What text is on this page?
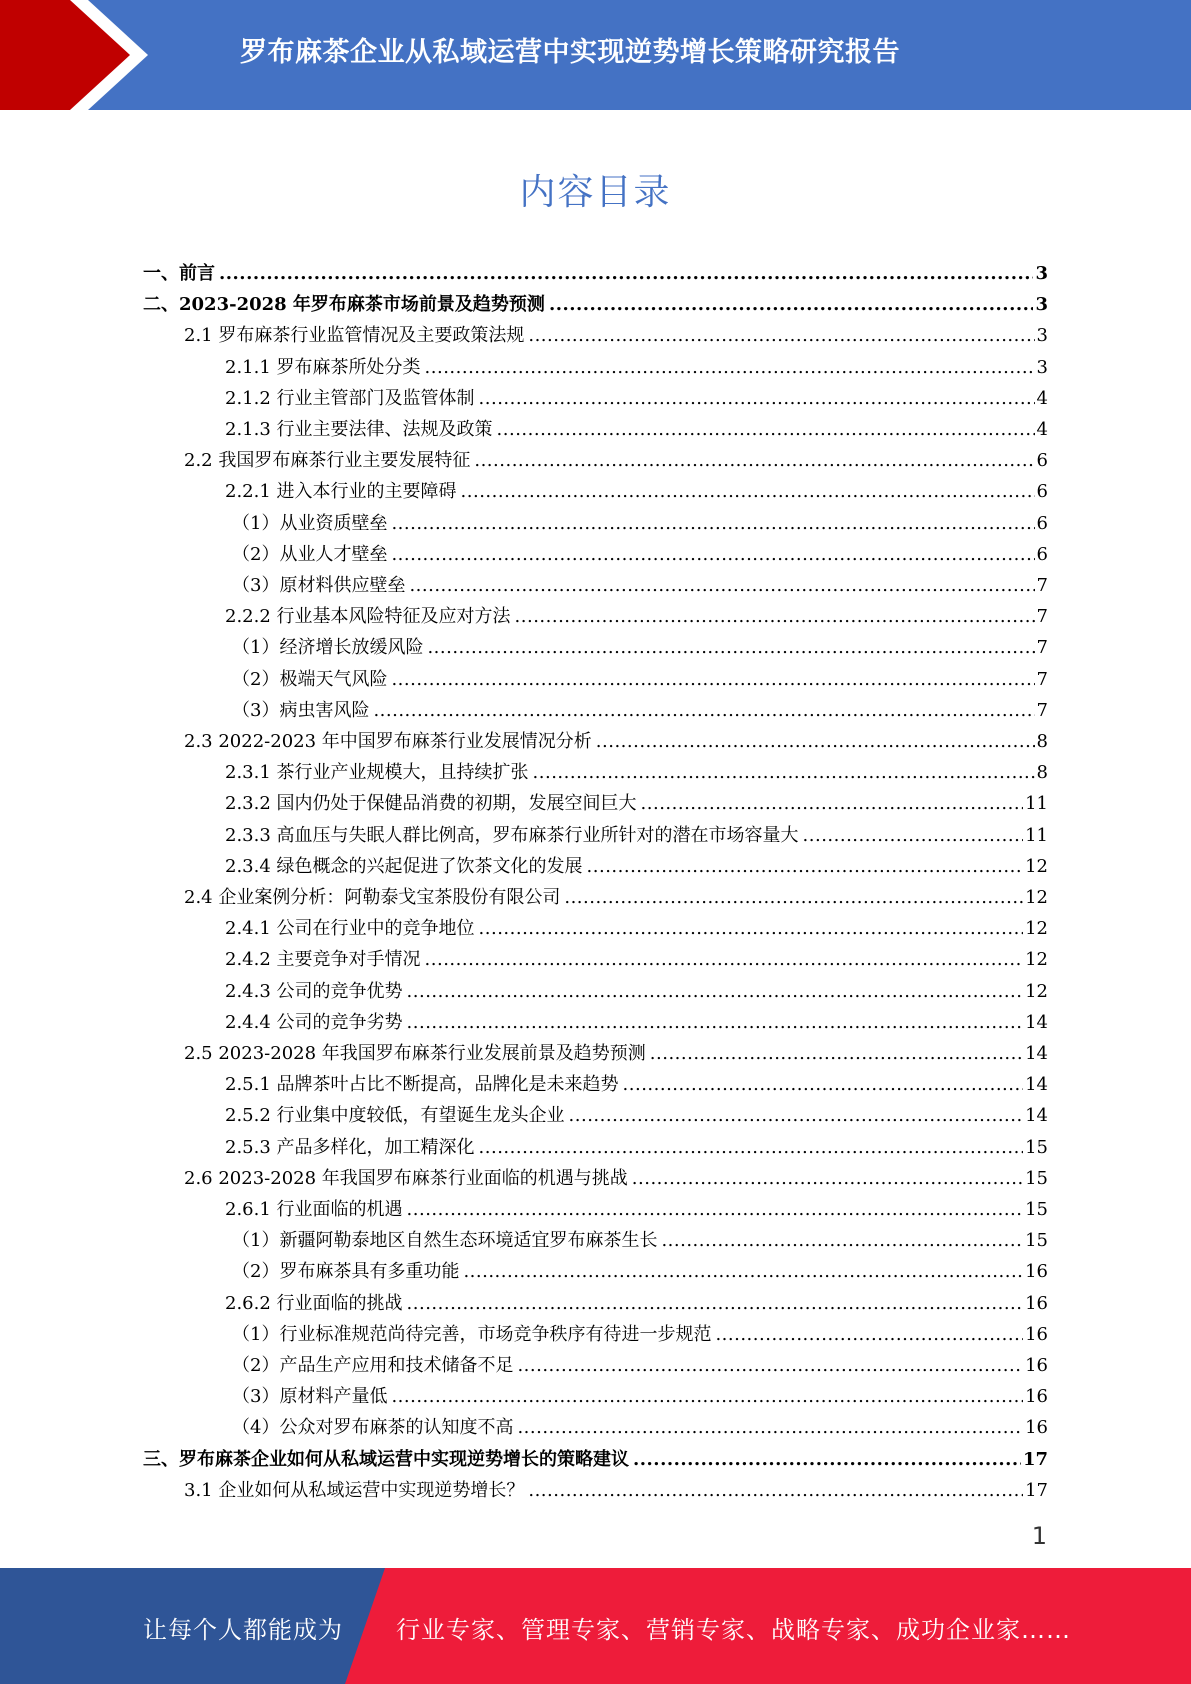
罗布麻茶企业从私域运营中实现逆势增长策略研究报告
内容目录
一、前言 .....	3
二、2023-2028 年罗布麻茶市场前景及趋势预测 .....	3
2.1 罗布麻茶行业监管情况及主要政策法规 .....	3
2.1.1 罗布麻茶所处分类 .....	3
2.1.2 行业主管部门及监管体制 .....	4
2.1.3 行业主要法律、法规及政策 .....	4
2.2 我国罗布麻茶行业主要发展特征 .....	6
2.2.1 进入本行业的主要障碍 .....	6
（1）从业资质壁垒 .....	6
（2）从业人才壁垒 .....	6
（3）原材料供应壁垒 .....	7
2.2.2 行业基本风险特征及应对方法 .....	7
（1）经济增长放缓风险 .....	7
（2）极端天气风险 .....	7
（3）病虫害风险 .....	7
2.3 2022-2023 年中国罗布麻茶行业发展情况分析 .....	8
2.3.1 茶行业产业规模大，且持续扩张 .....	8
2.3.2 国内仍处于保健品消费的初期，发展空间巨大 .....	11
2.3.3 高血压与失眠人群比例高，罗布麻茶行业所针对的潜在市场容量大 .....	11
2.3.4 绿色概念的兴起促进了饮茶文化的发展 .....	12
2.4 企业案例分析：阿勒泰戈宝茶股份有限公司 .....	12
2.4.1 公司在行业中的竞争地位 .....	12
2.4.2 主要竞争对手情况 .....	12
2.4.3 公司的竞争优势 .....	12
2.4.4 公司的竞争劣势 .....	14
2.5 2023-2028 年我国罗布麻茶行业发展前景及趋势预测 .....	14
2.5.1 品牌茶叶占比不断提高，品牌化是未来趋势 .....	14
2.5.2 行业集中度较低，有望诞生龙头企业 .....	14
2.5.3 产品多样化，加工精深化 .....	15
2.6 2023-2028 年我国罗布麻茶行业面临的机遇与挑战 .....	15
2.6.1 行业面临的机遇 .....	15
（1）新疆阿勒泰地区自然生态环境适宜罗布麻茶生长 .....	15
（2）罗布麻茶具有多重功能 .....	16
2.6.2 行业面临的挑战 .....	16
（1）行业标准规范尚待完善，市场竞争秩序有待进一步规范 .....	16
（2）产品生产应用和技术储备不足 .....	16
（3）原材料产量低 .....	16
（4）公众对罗布麻茶的认知度不高 .....	16
三、罗布麻茶企业如何从私域运营中实现逆势增长的策略建议 .....	17
3.1 企业如何从私域运营中实现逆势增长？ .....	17
1
让每个人都能成为 行业专家、管理专家、营销专家、战略专家、成功企业家……
